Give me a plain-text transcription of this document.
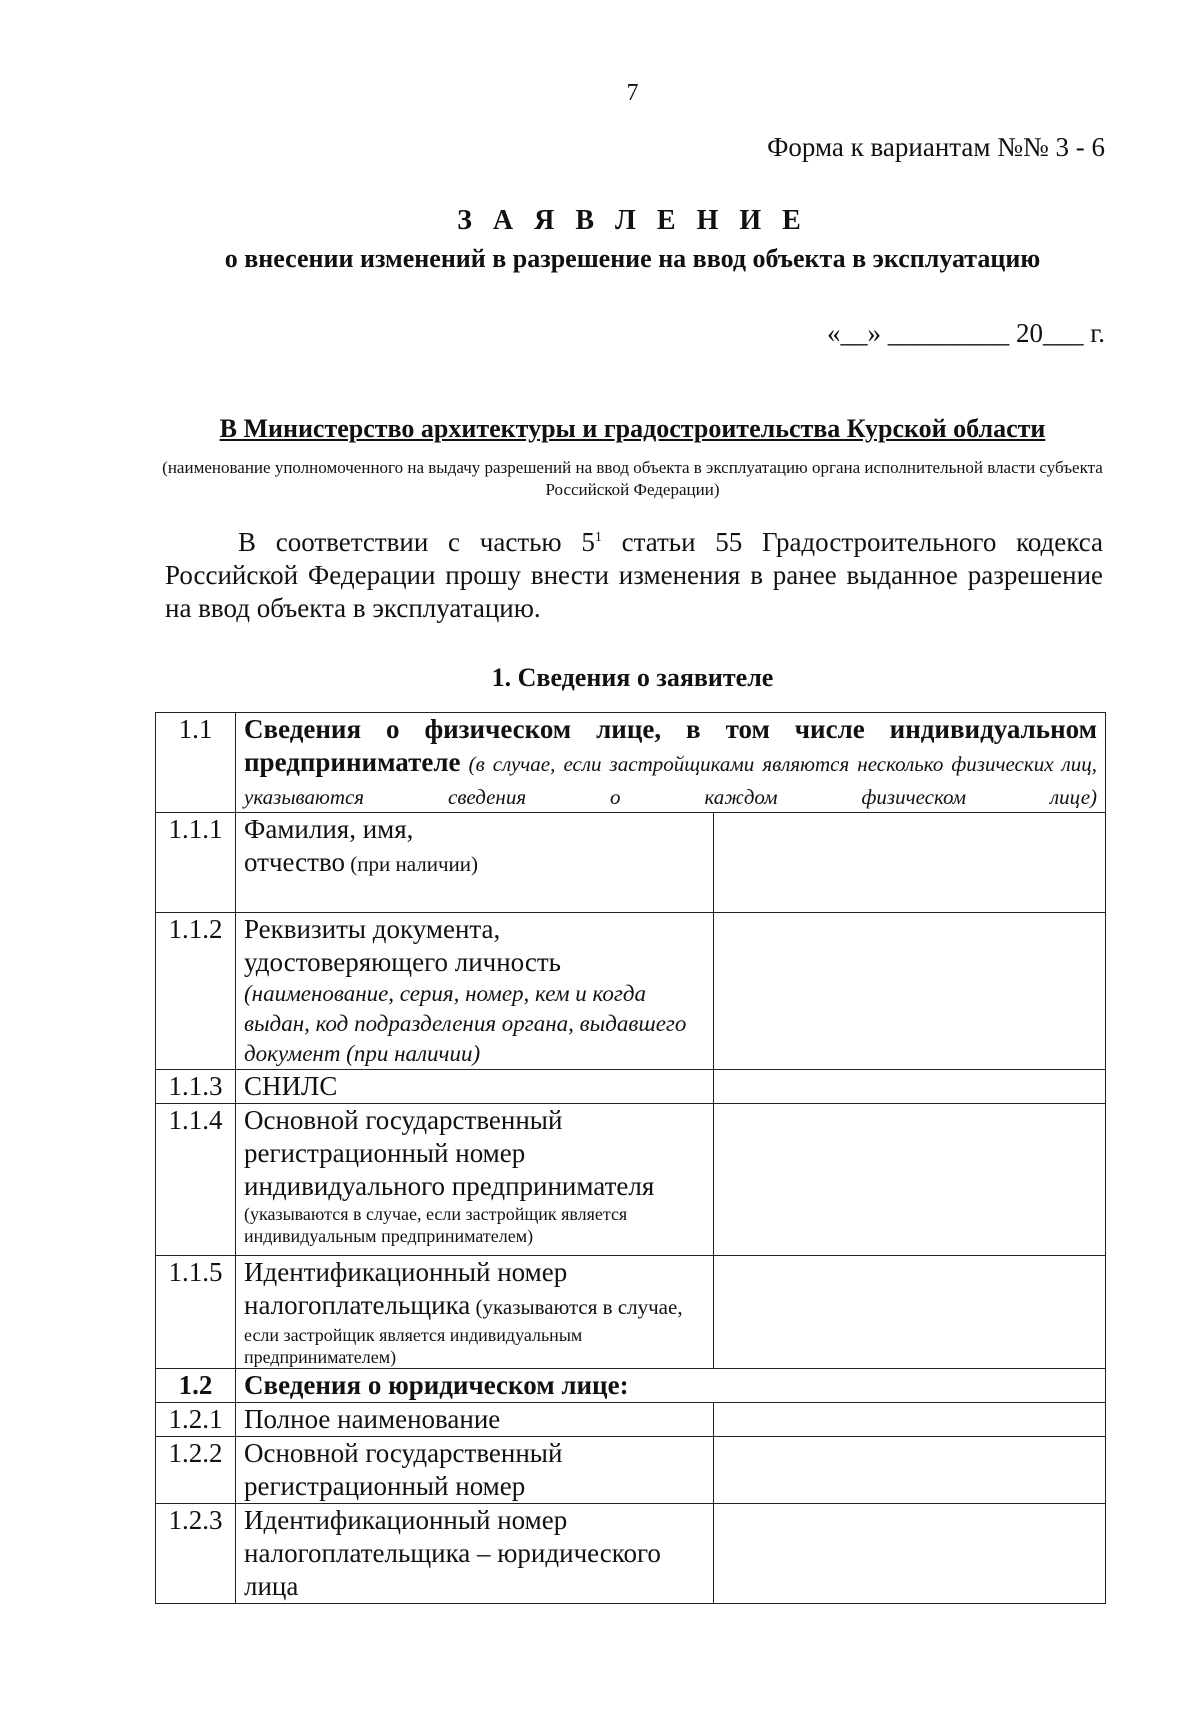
7
Форма к вариантам №№ 3 - 6
З А Я В Л Е Н И Е
о внесении изменений в разрешение на ввод объекта в эксплуатацию
«__» _________ 20___ г.
В Министерство архитектуры и градостроительства Курской области
(наименование уполномоченного на выдачу разрешений на ввод объекта в эксплуатацию органа исполнительной власти субъекта Российской Федерации)
В соответствии с частью $5^1$ статьи 55 Градостроительного кодекса Российской Федерации прошу внести изменения в ранее выданное разрешение на ввод объекта в эксплуатацию.
1. Сведения о заявителе
1.1	Сведения о физическом лице, в том числе индивидуальном предпринимателе (в случае, если застройщиками являются несколько физических лиц, указываются сведения о каждом физическом лице)	
1.1.1	Фамилия, имя,
отчество (при наличии)	
1.1.2	Реквизиты документа, удостоверяющего личность
(наименование, серия, номер, кем и когда выдан, код подразделения органа, выдавшего документ (при наличии)	

1.1.3	СНИЛС	
1.1.4	Основной государственный регистрационный номер индивидуального предпринимателя
(указываются в случае, если застройщик является индивидуальным предпринимателем)	

1.1.5	Идентификационный номер налогоплательщика (указываются в случае,
если застройщик является индивидуальным предпринимателем)	

1.2	Сведения о юридическом лице:	
1.2.1	Полное наименование	
1.2.2	Основной государственный регистрационный номер	
1.2.3	Идентификационный номер налогоплательщика – юридического лица	
